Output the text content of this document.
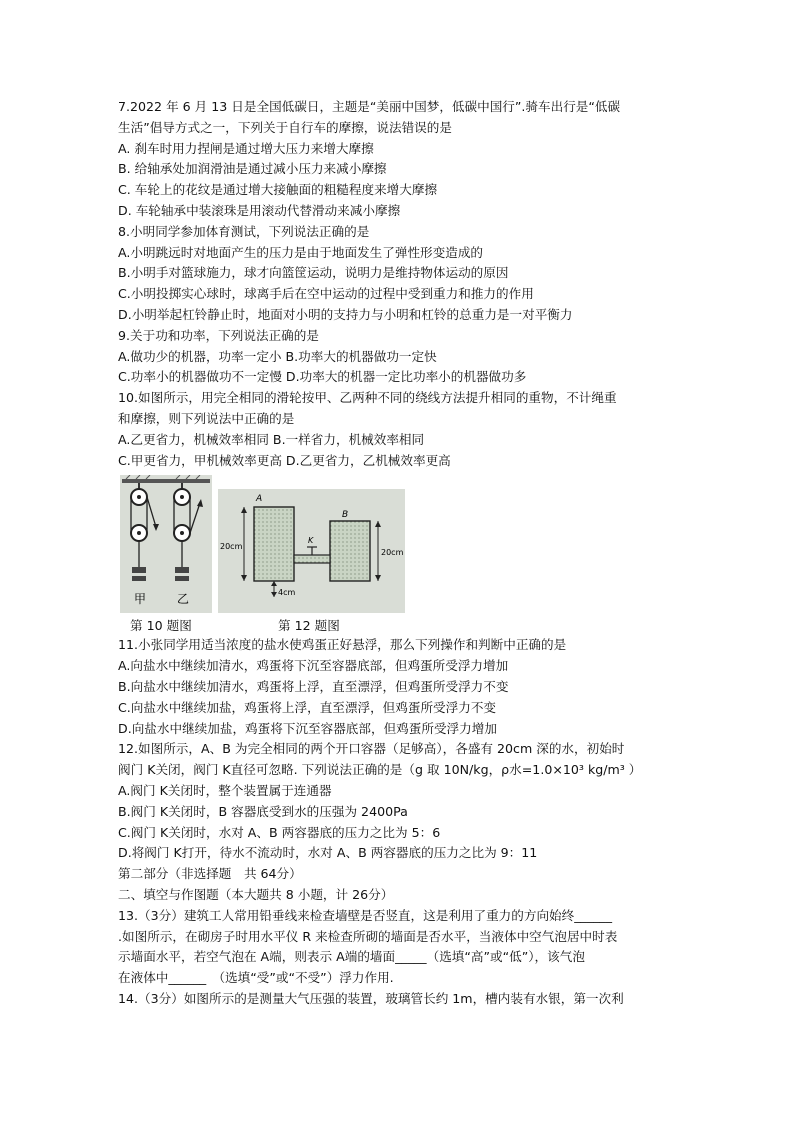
7.2022 年 6 月 13 日是全国低碳日，主题是“美丽中国梦，低碳中国行”.骑车出行是“低碳
生活”倡导方式之一，下列关于自行车的摩擦，说法错误的是
A. 刹车时用力捏闸是通过增大压力来增大摩擦
B. 给轴承处加润滑油是通过减小压力来减小摩擦
C. 车轮上的花纹是通过增大接触面的粗糙程度来增大摩擦
D. 车轮轴承中装滚珠是用滚动代替滑动来减小摩擦
8.小明同学参加体育测试，下列说法正确的是
A.小明跳远时对地面产生的压力是由于地面发生了弹性形变造成的
B.小明手对篮球施力，球才向篮筐运动，说明力是维持物体运动的原因
C.小明投掷实心球时，球离手后在空中运动的过程中受到重力和推力的作用
D.小明举起杠铃静止时，地面对小明的支持力与小明和杠铃的总重力是一对平衡力
9.关于功和功率，下列说法正确的是
A.做功少的机器，功率一定小 B.功率大的机器做功一定快
C.功率小的机器做功不一定慢 D.功率大的机器一定比功率小的机器做功多
10.如图所示，用完全相同的滑轮按甲、乙两种不同的绕线方法提升相同的重物，不计绳重
和摩擦，则下列说法中正确的是
A.乙更省力，机械效率相同 B.一样省力，机械效率相同
C.甲更省力，甲机械效率更高 D.乙更省力，乙机械效率更高
甲	乙
A
B
K
20cm
20cm
4cm
第 10 题图	第 12 题图
11.小张同学用适当浓度的盐水使鸡蛋正好悬浮，那么下列操作和判断中正确的是
A.向盐水中继续加清水，鸡蛋将下沉至容器底部，但鸡蛋所受浮力增加
B.向盐水中继续加清水，鸡蛋将上浮，直至漂浮，但鸡蛋所受浮力不变
C.向盐水中继续加盐，鸡蛋将上浮，直至漂浮，但鸡蛋所受浮力不变
D.向盐水中继续加盐，鸡蛋将下沉至容器底部，但鸡蛋所受浮力增加
12.如图所示，A、B 为完全相同的两个开口容器（足够高），各盛有 20cm 深的水，初始时
阀门 K关闭，阀门 K直径可忽略. 下列说法正确的是（g 取 10N/kg，ρ水=1.0×10³ kg/m³ ）
A.阀门 K关闭时，整个装置属于连通器
B.阀门 K关闭时，B 容器底受到水的压强为 2400Pa
C.阀门 K关闭时，水对 A、B 两容器底的压力之比为 5：6
D.将阀门 K打开，待水不流动时，水对 A、B 两容器底的压力之比为 9：11
第二部分（非选择题　共 64分）
二、填空与作图题（本大题共 8 小题，计 26分）
13.（3分）建筑工人常用铅垂线来检查墙壁是否竖直，这是利用了重力的方向始终______
.如图所示，在砌房子时用水平仪 R 来检查所砌的墙面是否水平，当液体中空气泡居中时表
示墙面水平，若空气泡在 A端，则表示 A端的墙面_____（选填“高”或“低”），该气泡
在液体中______　（选填“受”或“不受”）浮力作用.
14.（3分）如图所示的是测量大气压强的装置，玻璃管长约 1m，槽内装有水银，第一次利
